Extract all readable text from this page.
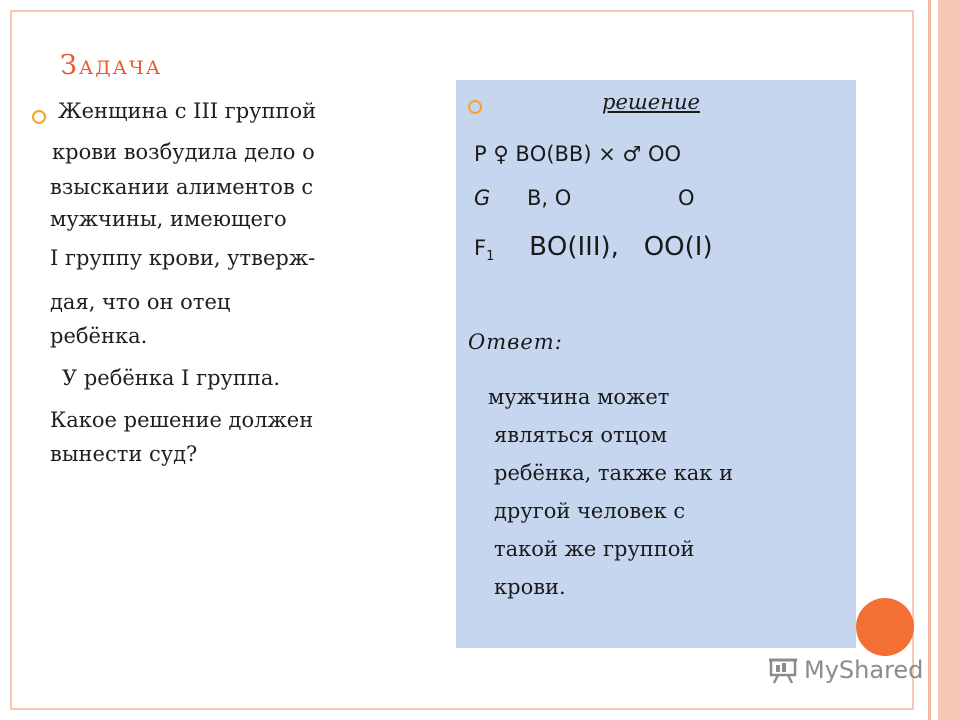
Задача
Женщина с III группой
крови возбудила дело о
взыскании алиментов с
мужчины, имеющего
I группу крови, утверж-
дая, что он отец
ребёнка.
У ребёнка I группа.
Какое решение должен
вынести суд?
решение
P ♀ ВО(ВВ) × ♂ ОО
G В, О	О
$F_1$ ВО(III),   ОО(I)
Ответ:
мужчина может
являться отцом
ребёнка, также как и
другой человек с
такой же группой
крови.
MyShared
